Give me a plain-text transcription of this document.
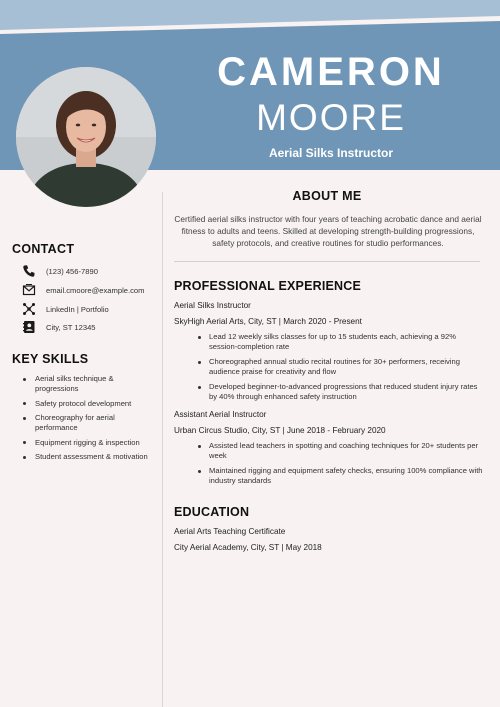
CAMERON
MOORE
Aerial Silks Instructor
CONTACT
(123) 456-7890
email.cmoore@example.com
LinkedIn | Portfolio
City, ST 12345
KEY SKILLS
Aerial silks technique & progressions
Safety protocol development
Choreography for aerial performance
Equipment rigging & inspection
Student assessment & motivation
ABOUT ME
Certified aerial silks instructor with four years of teaching acrobatic dance and aerial fitness to adults and teens. Skilled at developing strength-building progressions, safety protocols, and creative routines for studio performances.
PROFESSIONAL EXPERIENCE
Aerial Silks Instructor
SkyHigh Aerial Arts, City, ST | March 2020 - Present
Lead 12 weekly silks classes for up to 15 students each, achieving a 92% session-completion rate
Choreographed annual studio recital routines for 30+ performers, receiving audience praise for creativity and flow
Developed beginner-to-advanced progressions that reduced student injury rates by 40% through enhanced safety instruction
Assistant Aerial Instructor
Urban Circus Studio, City, ST | June 2018 - February 2020
Assisted lead teachers in spotting and coaching techniques for 20+ students per week
Maintained rigging and equipment safety checks, ensuring 100% compliance with industry standards
EDUCATION
Aerial Arts Teaching Certificate
City Aerial Academy, City, ST | May 2018
